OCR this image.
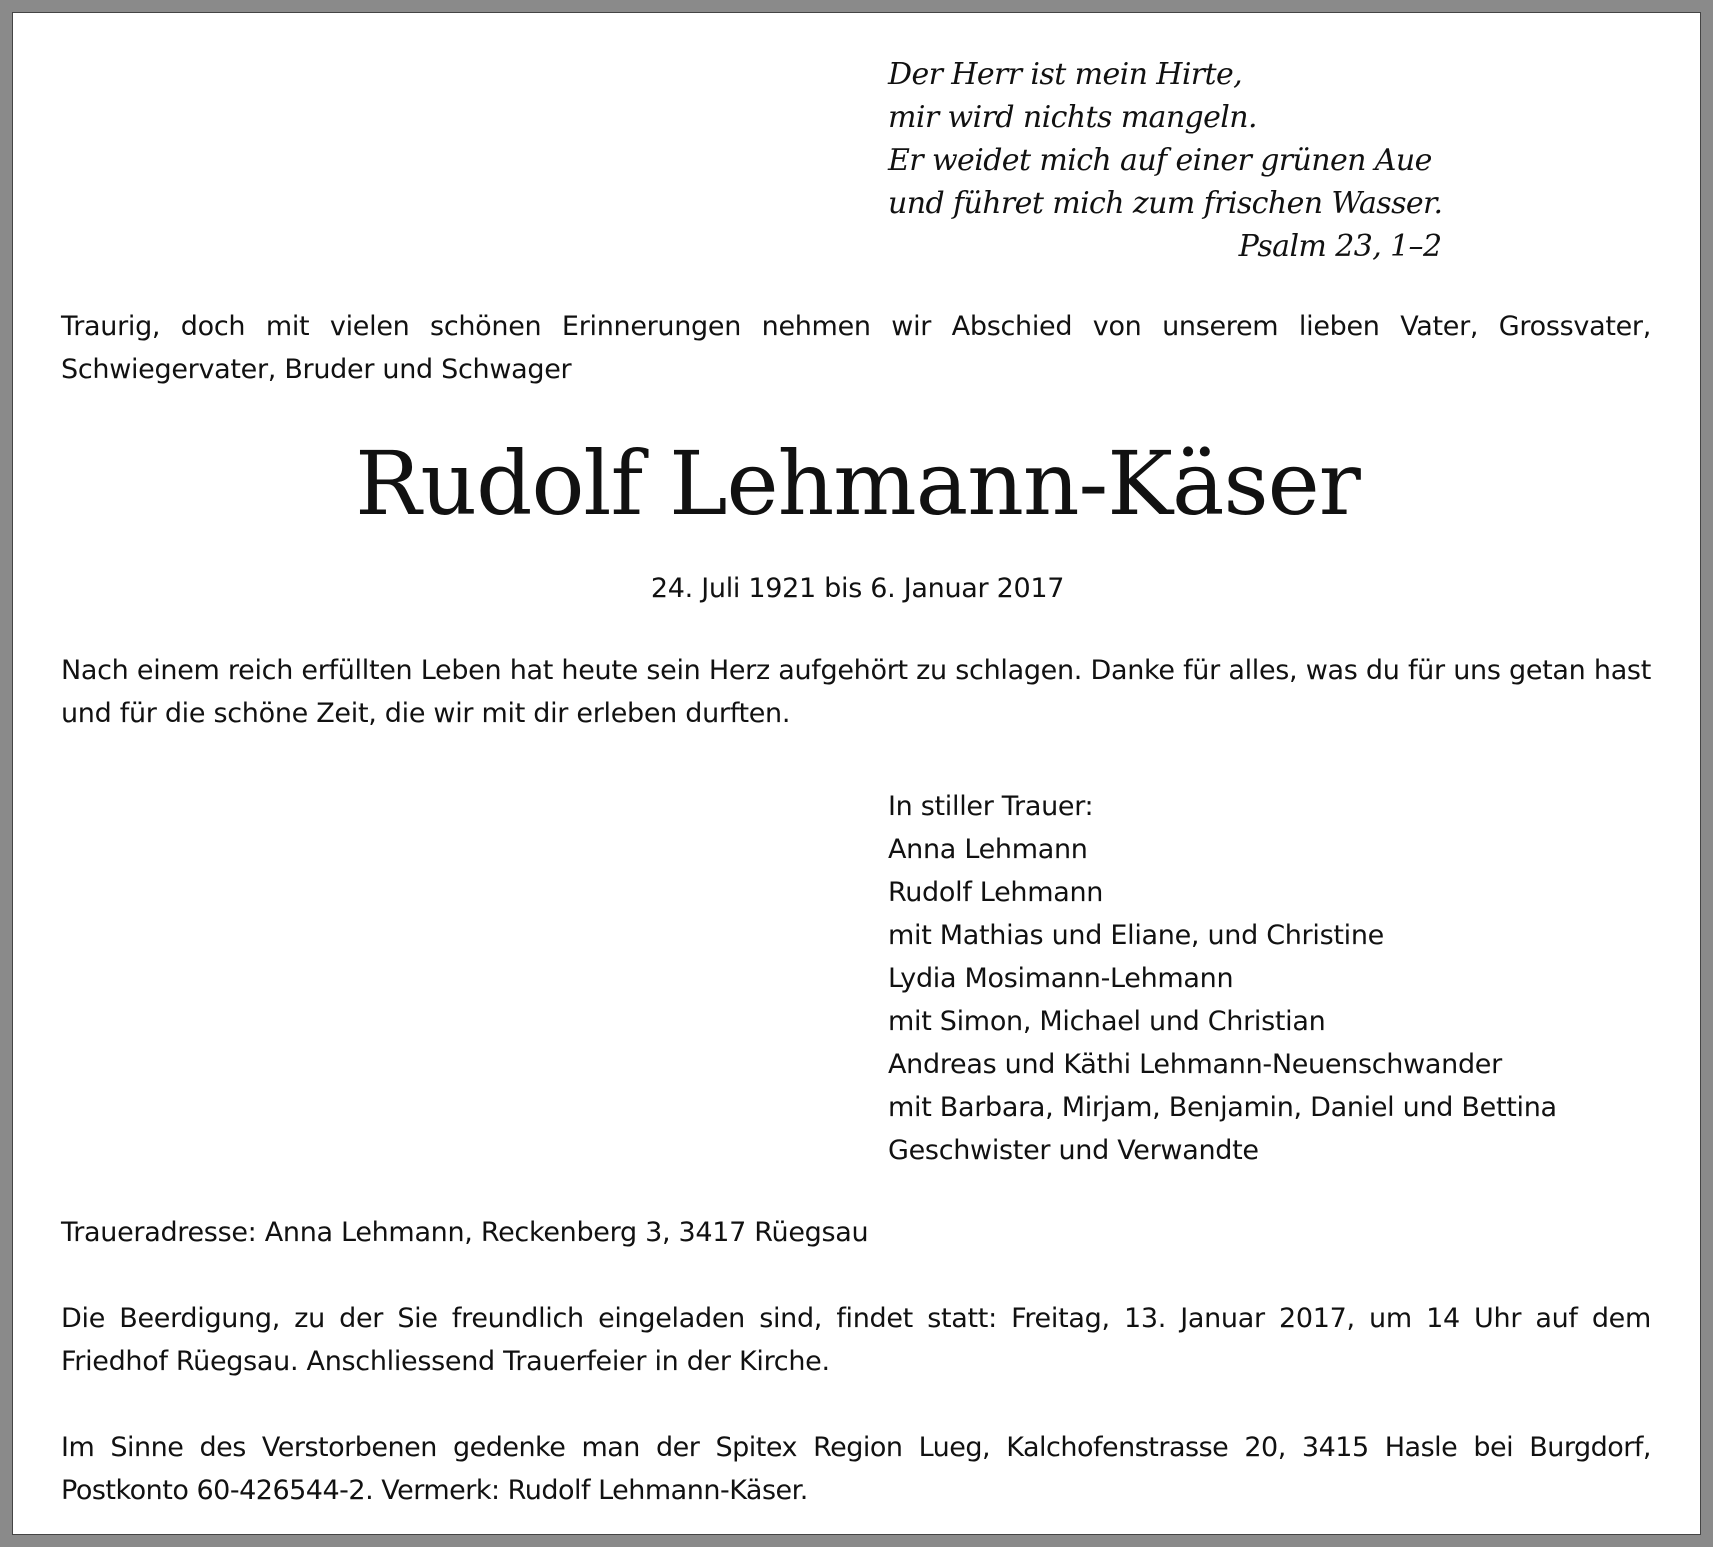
Der Herr ist mein Hirte,
mir wird nichts mangeln.
Er weidet mich auf einer grünen Aue
und führet mich zum frischen Wasser.
Psalm 23, 1–2
Traurig, doch mit vielen schönen Erinnerungen nehmen wir Abschied von unserem lieben Vater, Grossvater, Schwiegervater, Bruder und Schwager
Rudolf Lehmann-Käser
24. Juli 1921 bis 6. Januar 2017
Nach einem reich erfüllten Leben hat heute sein Herz aufgehört zu schlagen. Danke für alles, was du für uns getan hast und für die schöne Zeit, die wir mit dir erleben durften.
In stiller Trauer:
Anna Lehmann
Rudolf Lehmann
mit Mathias und Eliane, und Christine
Lydia Mosimann-Lehmann
mit Simon, Michael und Christian
Andreas und Käthi Lehmann-Neuenschwander
mit Barbara, Mirjam, Benjamin, Daniel und Bettina
Geschwister und Verwandte
Traueradresse: Anna Lehmann, Reckenberg 3, 3417 Rüegsau
Die Beerdigung, zu der Sie freundlich eingeladen sind, findet statt: Freitag, 13. Januar 2017, um 14 Uhr auf dem Friedhof Rüegsau. Anschliessend Trauerfeier in der Kirche.
Im Sinne des Verstorbenen gedenke man der Spitex Region Lueg, Kalchofenstrasse 20, 3415 Hasle bei Burgdorf, Postkonto 60-426544-2. Vermerk: Rudolf Lehmann-Käser.
